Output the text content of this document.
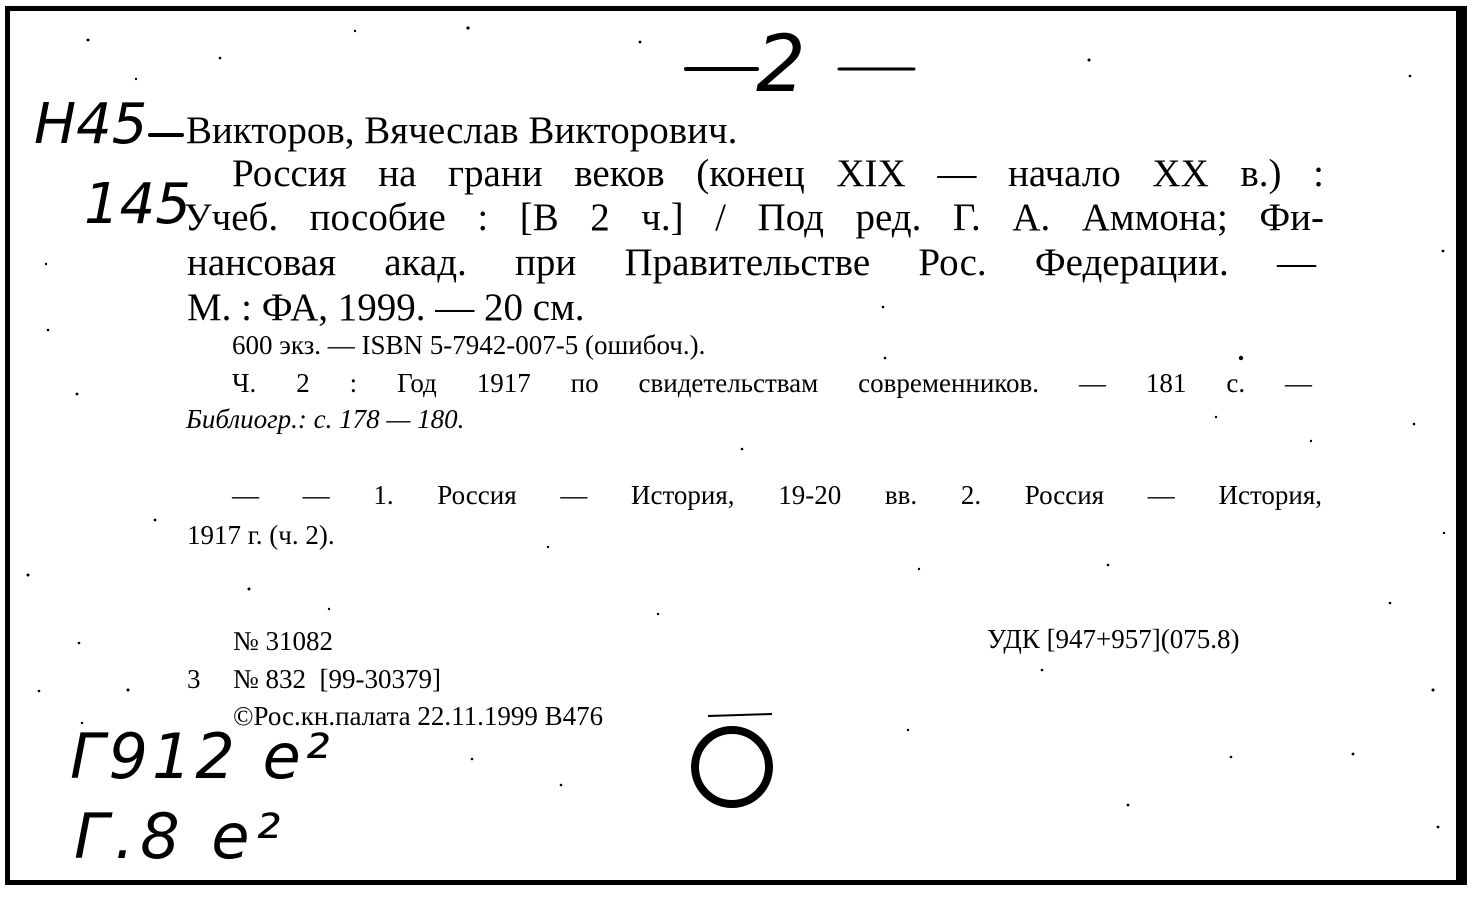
2
Н45
145
Викторов, Вячеслав Викторович.
Россия на грани веков (конец XIX — начало XX в.) :
Учеб. пособие : [В 2 ч.] / Под ред. Г. А. Аммона; Фи-
нансовая акад. при Правительстве Рос. Федерации. —
М. : ФА, 1999. — 20 см.
600 экз. — ISBN 5-7942-007-5 (ошибоч.).
Ч. 2 : Год 1917 по свидетельствам современников. — 181 с. —
Библиогр.: с. 178 — 180.
— — 1. Россия — История, 19-20 вв. 2. Россия — История,
1917 г. (ч. 2).
№ 31082	УДК [947+957](075.8)
3 № 832  [99-30379]
©Рос.кн.палата 22.11.1999 В476
Г912 е²
Г.8 е²
